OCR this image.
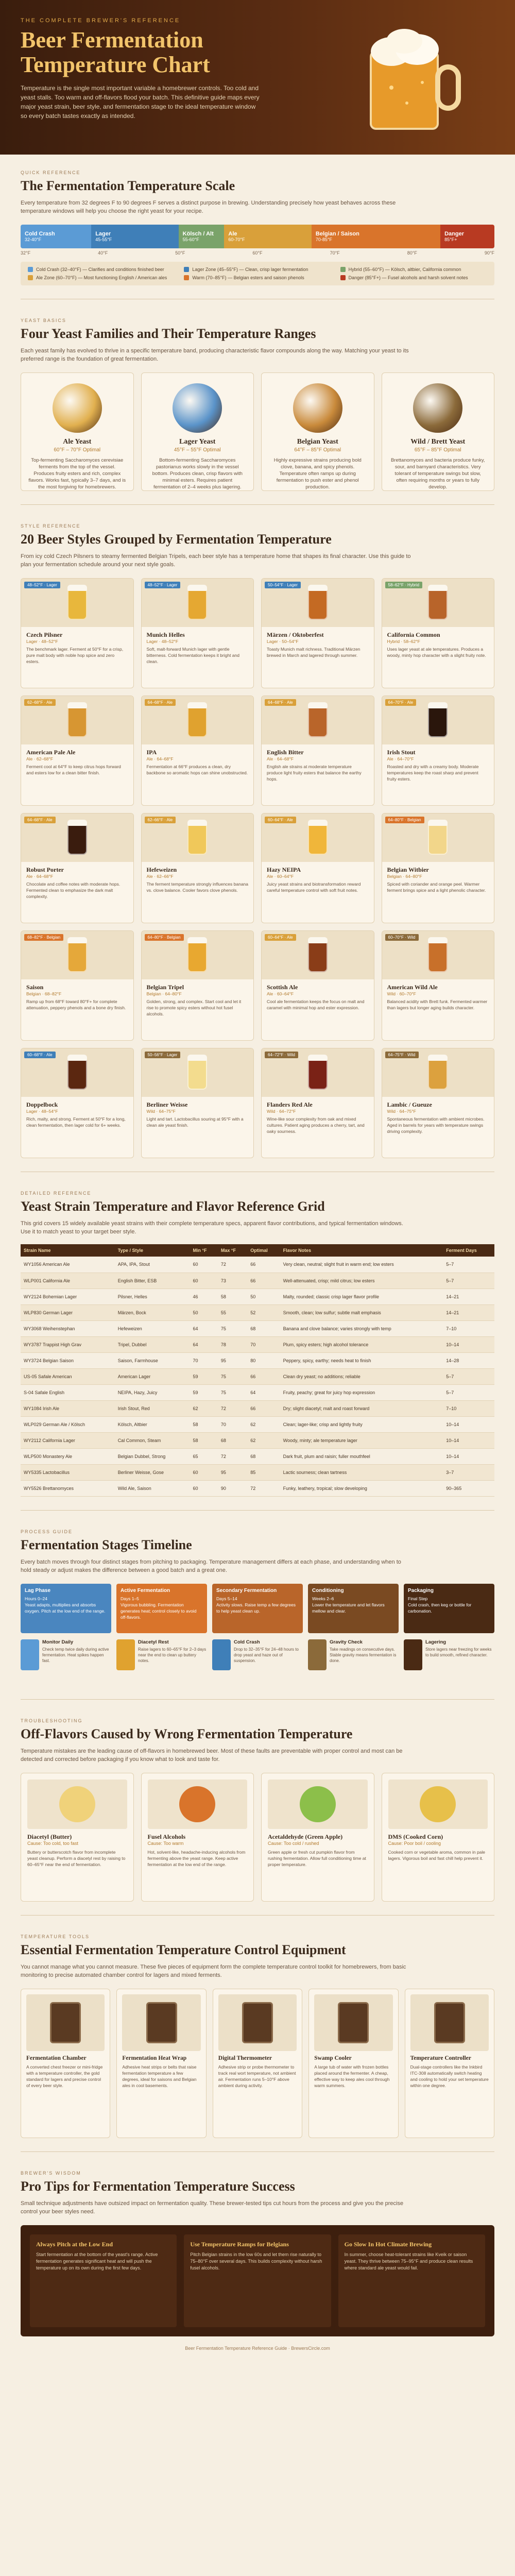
THE COMPLETE BREWER'S REFERENCE
Beer Fermentation
Temperature Chart

Temperature is the single most important variable a homebrewer controls. Too cold and yeast stalls. Too warm and off-flavors flood your batch. This definitive guide maps every major yeast strain, beer style, and fermentation stage to the ideal temperature window so every batch tastes exactly as intended.

QUICK REFERENCE
The Fermentation Temperature Scale
Every temperature from 32 degrees F to 90 degrees F serves a distinct purpose in brewing. Understanding precisely how yeast behaves across these temperature windows will help you choose the right yeast for your recipe.
Cold Crash
32-40°F
Lager
45-55°F
Kölsch / Alt
55-60°F
Ale
60-70°F
Belgian / Saison
70-85°F
Danger
85°F+
32°F	40°F	50°F	60°F	70°F	80°F	90°F
Cold Crash (32–40°F) — Clarifies and conditions finished beer	Lager Zone (45–55°F) — Clean, crisp lager fermentation	Hybrid (55–60°F) — Kölsch, altbier, California common
Ale Zone (60–70°F) — Most functioning English / American ales	Warm (70–85°F) — Belgian esters and saison phenols	Danger (85°F+) — Fusel alcohols and harsh solvent notes
YEAST BASICS
Four Yeast Families and Their Temperature Ranges
Each yeast family has evolved to thrive in a specific temperature band, producing characteristic flavor compounds along the way. Matching your yeast to its preferred range is the foundation of great fermentation.
Ale Yeast
60°F – 70°F Optimal

Top-fermenting Saccharomyces cerevisiae ferments from the top of the vessel. Produces fruity esters and rich, complex flavors. Works fast, typically 3–7 days, and is the most forgiving for homebrewers.

Lager Yeast
45°F – 55°F Optimal

Bottom-fermenting Saccharomyces pastorianus works slowly in the vessel bottom. Produces clean, crisp flavors with minimal esters. Requires patient fermentation of 2–4 weeks plus lagering.

Belgian Yeast
64°F – 85°F Optimal

Highly expressive strains producing bold clove, banana, and spicy phenols. Temperature often ramps up during fermentation to push ester and phenol production.

Wild / Brett Yeast
65°F – 85°F Optimal

Brettanomyces and bacteria produce funky, sour, and barnyard characteristics. Very tolerant of temperature swings but slow, often requiring months or years to fully develop.

STYLE REFERENCE
20 Beer Styles Grouped by Fermentation Temperature
From icy cold Czech Pilsners to steamy fermented Belgian Tripels, each beer style has a temperature home that shapes its final character. Use this guide to plan your fermentation schedule around your next style goals.
48–52°F · Lager
Czech Pilsner
Lager · 48–52°F

The benchmark lager. Ferment at 50°F for a crisp, pure malt body with noble hop spice and zero esters.

48–52°F · Lager
Munich Helles
Lager · 48–52°F

Soft, malt-forward Munich lager with gentle bitterness. Cold fermentation keeps it bright and clean.

50–54°F · Lager
Märzen / Oktoberfest
Lager · 50–54°F

Toasty Munich malt richness. Traditional Märzen brewed in March and lagered through summer.

58–62°F · Hybrid
California Common
Hybrid · 58–62°F

Uses lager yeast at ale temperatures. Produces a woody, minty hop character with a slight fruity note.

62–68°F · Ale
American Pale Ale
Ale · 62–68°F

Ferment cool at 64°F to keep citrus hops forward and esters low for a clean bitter finish.

64–68°F · Ale
IPA
Ale · 64–68°F

Fermentation at 66°F produces a clean, dry backbone so aromatic hops can shine unobstructed.

64–68°F · Ale
English Bitter
Ale · 64–68°F

English ale strains at moderate temperature produce light fruity esters that balance the earthy hops.

64–70°F · Ale
Irish Stout
Ale · 64–70°F

Roasted and dry with a creamy body. Moderate temperatures keep the roast sharp and prevent fruity esters.

64–68°F · Ale
Robust Porter
Ale · 64–68°F

Chocolate and coffee notes with moderate hops. Fermented clean to emphasize the dark malt complexity.

62–66°F · Ale
Hefeweizen
Ale · 62–66°F

The ferment temperature strongly influences banana vs. clove balance. Cooler favors clove phenols.

60–64°F · Ale
Hazy NEIPA
Ale · 60–64°F

Juicy yeast strains and biotransformation reward careful temperature control with soft fruit notes.

64–80°F · Belgian
Belgian Witbier
Belgian · 64–80°F

Spiced with coriander and orange peel. Warmer ferment brings spice and a light phenolic character.

68–82°F · Belgian
Saison
Belgian · 68–82°F

Ramp up from 68°F toward 80°F+ for complete attenuation, peppery phenols and a bone dry finish.

64–80°F · Belgian
Belgian Tripel
Belgian · 64–80°F

Golden, strong, and complex. Start cool and let it rise to promote spicy esters without hot fusel alcohols.

60–64°F · Ale
Scottish Ale
Ale · 60–64°F

Cool ale fermentation keeps the focus on malt and caramel with minimal hop and ester expression.

60–70°F · Wild
American Wild Ale
Wild · 60–70°F

Balanced acidity with Brett funk. Fermented warmer than lagers but longer aging builds character.

60–68°F · Ale
Doppelbock
Lager · 48–54°F

Rich, malty, and strong. Ferment at 50°F for a long, clean fermentation, then lager cold for 6+ weeks.

50–56°F · Lager
Berliner Weisse
Wild · 64–75°F

Light and tart. Lactobacillus souring at 95°F with a clean ale yeast finish.

64–72°F · Wild
Flanders Red Ale
Wild · 64–72°F

Wine-like sour complexity from oak and mixed cultures. Patient aging produces a cherry, tart, and oaky sourness.

64–75°F · Wild
Lambic / Gueuze
Wild · 64–75°F

Spontaneous fermentation with ambient microbes. Aged in barrels for years with temperature swings driving complexity.

DETAILED REFERENCE
Yeast Strain Temperature and Flavor Reference Grid
This grid covers 15 widely available yeast strains with their complete temperature specs, apparent flavor contributions, and typical fermentation windows. Use it to match yeast to your target beer style.
Strain Name	Type / Style	Min °F	Max °F	Optimal	Flavor Notes	Ferment Days
WY1056 American Ale	APA, IPA, Stout	60	72	66	Very clean, neutral; slight fruit in warm end; low esters	5–7
WLP001 California Ale	English Bitter, ESB	60	73	66	Well-attenuated, crisp; mild citrus; low esters	5–7
WY2124 Bohemian Lager	Pilsner, Helles	46	58	50	Malty, rounded; classic crisp lager flavor profile	14–21
WLP830 German Lager	Märzen, Bock	50	55	52	Smooth, clean; low sulfur; subtle malt emphasis	14–21
WY3068 Weihenstephan	Hefeweizen	64	75	68	Banana and clove balance; varies strongly with temp	7–10
WY3787 Trappist High Grav	Tripel, Dubbel	64	78	70	Plum, spicy esters; high alcohol tolerance	10–14
WY3724 Belgian Saison	Saison, Farmhouse	70	95	80	Peppery, spicy, earthy; needs heat to finish	14–28
US-05 Safale American	American Lager	59	75	66	Clean dry yeast; no additions; reliable	5–7
S-04 Safale English	NEIPA, Hazy, Juicy	59	75	64	Fruity, peachy; great for juicy hop expression	5–7
WY1084 Irish Ale	Irish Stout, Red	62	72	66	Dry; slight diacetyl; malt and roast forward	7–10
WLP029 German Ale / Kölsch	Kölsch, Altbier	58	70	62	Clean; lager-like; crisp and lightly fruity	10–14
WY2112 California Lager	Cal Common, Steam	58	68	62	Woody, minty; ale temperature lager	10–14
WLP500 Monastery Ale	Belgian Dubbel, Strong	65	72	68	Dark fruit, plum and raisin; fuller mouthfeel	10–14
WY5335 Lactobacillus	Berliner Weisse, Gose	60	95	85	Lactic sourness; clean tartness	3–7
WY5526 Brettanomyces	Wild Ale, Saison	60	90	72	Funky, leathery, tropical; slow developing	90–365
PROCESS GUIDE
Fermentation Stages Timeline
Every batch moves through four distinct stages from pitching to packaging. Temperature management differs at each phase, and understanding when to hold steady or adjust makes the difference between a good batch and a great one.
Lag Phase
Hours 0–24
Yeast adapts, multiplies and absorbs oxygen. Pitch at the low end of the range.
Active Fermentation
Days 1–5
Vigorous bubbling. Fermentation generates heat; control closely to avoid off-flavors.
Secondary Fermentation
Days 5–14
Activity slows. Raise temp a few degrees to help yeast clean up.
Conditioning
Weeks 2–6
Lower the temperature and let flavors mellow and clear.
Packaging
Final Step
Cold crash, then keg or bottle for carbonation.
Monitor Daily

Check temp twice daily during active fermentation. Heat spikes happen fast.

Diacetyl Rest

Raise lagers to 60–65°F for 2–3 days near the end to clean up buttery notes.

Cold Crash

Drop to 32–35°F for 24–48 hours to drop yeast and haze out of suspension.

Gravity Check

Take readings on consecutive days. Stable gravity means fermentation is done.

Lagering

Store lagers near freezing for weeks to build smooth, refined character.

TROUBLESHOOTING
Off-Flavors Caused by Wrong Fermentation Temperature
Temperature mistakes are the leading cause of off-flavors in homebrewed beer. Most of these faults are preventable with proper control and most can be detected and corrected before packaging if you know what to look and taste for.
Diacetyl (Butter)
Cause: Too cold, too fast

Buttery or butterscotch flavor from incomplete yeast cleanup. Perform a diacetyl rest by raising to 60–65°F near the end of fermentation.

Fusel Alcohols
Cause: Too warm

Hot, solvent-like, headache-inducing alcohols from fermenting above the yeast range. Keep active fermentation at the low end of the range.

Acetaldehyde (Green Apple)
Cause: Too cold / rushed

Green apple or fresh cut pumpkin flavor from rushing fermentation. Allow full conditioning time at proper temperature.

DMS (Cooked Corn)
Cause: Poor boil / cooling

Cooked corn or vegetable aroma, common in pale lagers. Vigorous boil and fast chill help prevent it.

TEMPERATURE TOOLS
Essential Fermentation Temperature Control Equipment
You cannot manage what you cannot measure. These five pieces of equipment form the complete temperature control toolkit for homebrewers, from basic monitoring to precise automated chamber control for lagers and mixed ferments.
Fermentation Chamber

A converted chest freezer or mini-fridge with a temperature controller, the gold standard for lagers and precise control of every beer style.

Fermentation Heat Wrap

Adhesive heat strips or belts that raise fermentation temperature a few degrees, ideal for saisons and Belgian ales in cool basements.

Digital Thermometer

Adhesive strip or probe thermometer to track real wort temperature, not ambient air. Fermentation runs 5–10°F above ambient during activity.

Swamp Cooler

A large tub of water with frozen bottles placed around the fermenter. A cheap, effective way to keep ales cool through warm summers.

Temperature Controller

Dual-stage controllers like the Inkbird ITC-308 automatically switch heating and cooling to hold your set temperature within one degree.

BREWER'S WISDOM
Pro Tips for Fermentation Temperature Success
Small technique adjustments have outsized impact on fermentation quality. These brewer-tested tips cut hours from the process and give you the precise control your beer styles need.
Always Pitch at the Low End

Start fermentation at the bottom of the yeast's range. Active fermentation generates significant heat and will push the temperature up on its own during the first few days.

Use Temperature Ramps for Belgians

Pitch Belgian strains in the low 60s and let them rise naturally to 75–80°F over several days. This builds complexity without harsh fusel alcohols.

Go Slow In Hot Climate Brewing

In summer, choose heat-tolerant strains like Kveik or saison yeast. They thrive between 75–95°F and produce clean results where standard ale yeast would fail.

Beer Fermentation Temperature Reference Guide · BrewersCircle.com
